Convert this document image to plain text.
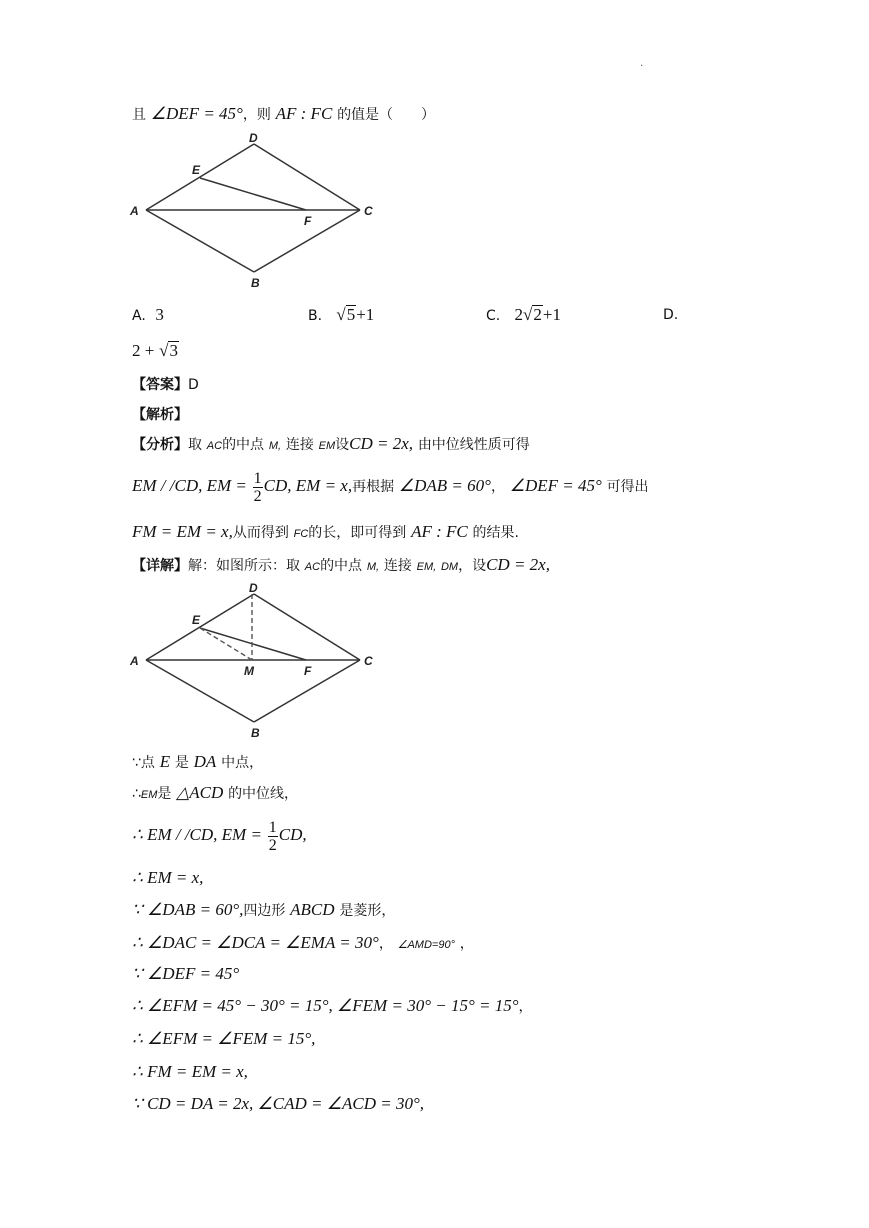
.
且 ∠DEF = 45°，则 AF : FC 的值是（　　）
A
D
C
B
E
F
A. 3	B. √5+1	C. 2√2+1	D.
2 + √3
【答案】D
【解析】
【分析】取 AC的中点 M, 连接 EM设CD = 2x, 由中位线性质可得
EM / /CD, EM = $\frac{1}{2}$ CD, EM = x,再根据 ∠DAB = 60°， ∠DEF = 45° 可得出
FM = EM = x,从而得到 FC的长，即可得到 AF : FC 的结果.
【详解】解：如图所示：取 AC的中点 M, 连接 EM, DM，设CD = 2x,
A
D
C
B
E
F
M
∵点 E 是 DA 中点，
∴EM是 △ACD 的中位线，
∴ EM / /CD, EM = $\frac{1}{2}$ CD,
∴ EM = x,
∵ ∠DAB = 60°,四边形 ABCD 是菱形，
∴ ∠DAC = ∠DCA = ∠EMA = 30°， ∠AMD=90° ，
∵ ∠DEF = 45°
∴ ∠EFM = 45° − 30° = 15°, ∠FEM = 30° − 15° = 15°，
∴ ∠EFM = ∠FEM = 15°,
∴ FM = EM = x,
∵ CD = DA = 2x, ∠CAD = ∠ACD = 30°,
